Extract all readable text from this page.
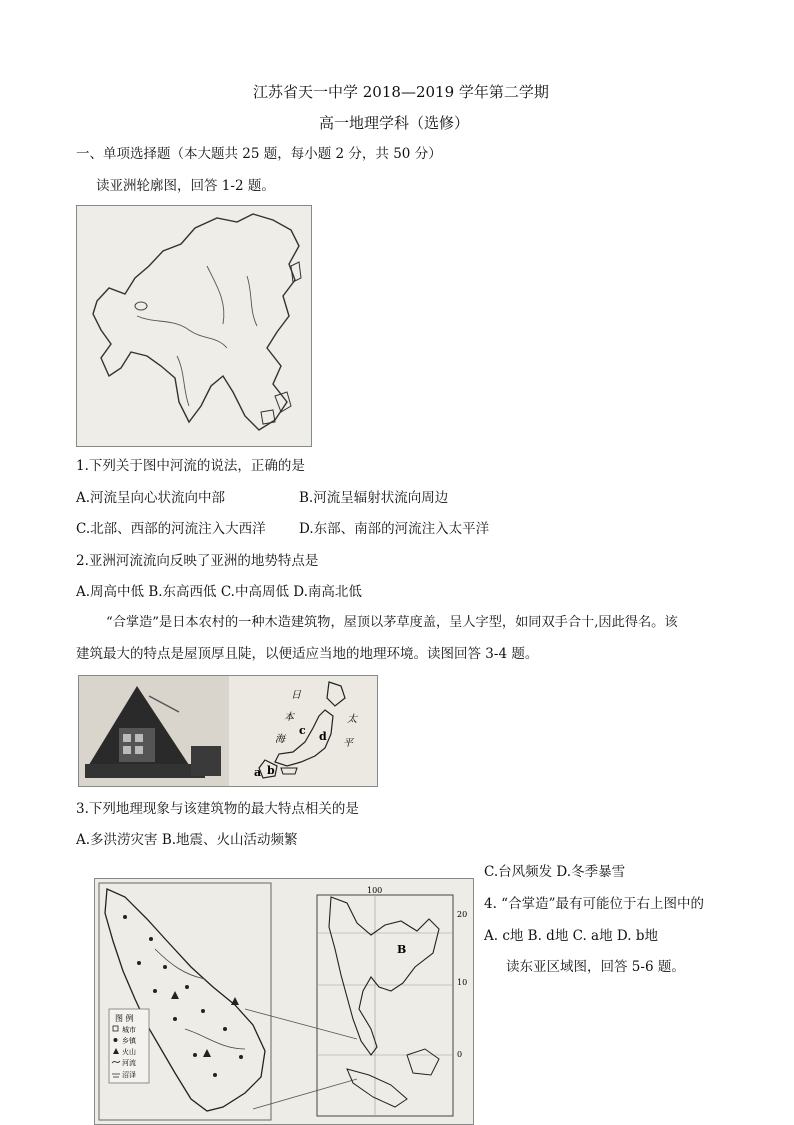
江苏省天一中学 2018—2019 学年第二学期
高一地理学科（选修）
一、单项选择题（本大题共 25 题，每小题 2 分，共 50 分）
读亚洲轮廓图，回答 1-2 题。
1.下列关于图中河流的说法，正确的是
A.河流呈向心状流向中部	B.河流呈辐射状流向周边
C.北部、西部的河流注入大西洋 D.东部、南部的河流注入太平洋
2.亚洲河流流向反映了亚洲的地势特点是
A.周高中低 B.东高西低 C.中高周低 D.南高北低
“合掌造”是日本农村的一种木造建筑物，屋顶以茅草度盖，呈人字型，如同双手合十,因此得名。该
建筑最大的特点是屋顶厚且陡，以便适应当地的地理环境。读图回答 3-4 题。
日
本
海
太
平
c d
a b
3.下列地理现象与该建筑物的最大特点相关的是
A.多洪涝灾害 B.地震、火山活动频繁
C.台风频发 D.冬季暴雪
图 例
城市
乡镇
火山
河流
沼泽
100
20
10
0
B
4. “合掌造”最有可能位于右上图中的
A. c地 B. d地 C. a地 D. b地
读东亚区域图，回答 5-6 题。
